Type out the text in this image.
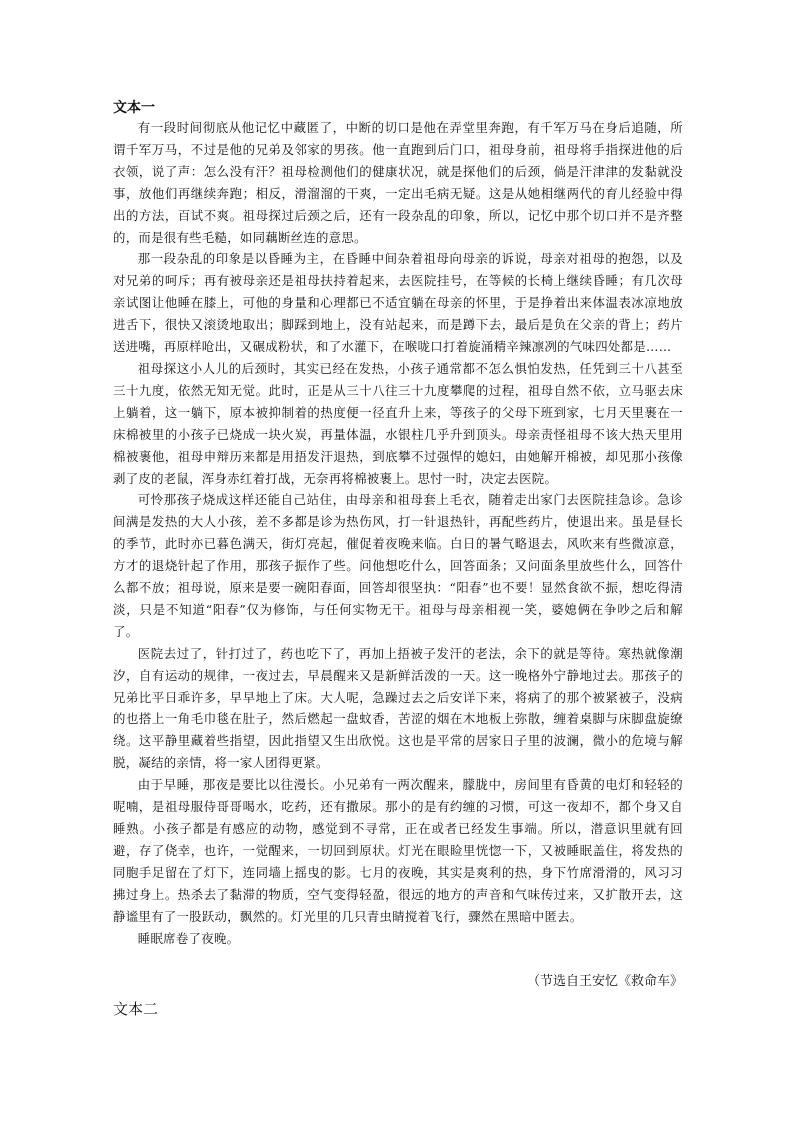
文本一

有一段时间彻底从他记忆中藏匿了，中断的切口是他在弄堂里奔跑，有千军万马在身后追随，所谓千军万马，不过是他的兄弟及邻家的男孩。他一直跑到后门口，祖母身前，祖母将手指探进他的后衣领，说了声：怎么没有汗？祖母检测他们的健康状况，就是探他们的后颈，倘是汗津津的发黏就没事，放他们再继续奔跑；相反，滑溜溜的干爽，一定出毛病无疑。这是从她相继两代的育儿经验中得出的方法，百试不爽。祖母探过后颈之后，还有一段杂乱的印象，所以，记忆中那个切口并不是齐整的，而是很有些毛糙，如同藕断丝连的意思。

那一段杂乱的印象是以昏睡为主，在昏睡中间杂着祖母向母亲的诉说，母亲对祖母的抱怨，以及对兄弟的呵斥；再有被母亲还是祖母扶持着起来，去医院挂号，在等候的长椅上继续昏睡；有几次母亲试图让他睡在膝上，可他的身量和心理都已不适宜躺在母亲的怀里，于是挣着出来体温表冰凉地放进舌下，很快又滚烫地取出；脚踩到地上，没有站起来，而是蹲下去，最后是负在父亲的背上；药片送进嘴，再原样呛出，又碾成粉状，和了水灌下，在喉咙口打着旋涌精辛辣凛冽的气味四处都是……

祖母探这小人儿的后颈时，其实已经在发热，小孩子通常都不怎么惧怕发热，任凭到三十八甚至三十九度，依然无知无觉。此时，正是从三十八往三十九度攀爬的过程，祖母自然不依，立马驱去床上躺着，这一躺下，原本被抑制着的热度便一径直升上来，等孩子的父母下班到家，七月天里裹在一床棉被里的小孩子已烧成一块火炭，再量体温，水银柱几乎升到顶头。母亲责怪祖母不该大热天里用棉被裹他，祖母申辩历来都是用捂发汗退热，到底攀不过强悍的媳妇，由她解开棉被，却见那小孩像剥了皮的老鼠，浑身赤红着打战，无奈再将棉被裹上。思忖一时，决定去医院。

可怜那孩子烧成这样还能自己站住，由母亲和祖母套上毛衣，随着走出家门去医院挂急诊。急诊间满是发热的大人小孩，差不多都是诊为热伤风，打一针退热针，再配些药片，使退出来。虽是昼长的季节，此时亦已暮色满天，街灯亮起，催促着夜晚来临。白日的暑气略退去，风吹来有些微凉意，方才的退烧针起了作用，那孩子振作了些。问他想吃什么，回答面条；又问面条里放些什么，回答什么都不放；祖母说，原来是要一碗阳春面，回答却很坚执：“阳春”也不要！显然食欲不振，想吃得清淡，只是不知道“阳春”仅为修饰，与任何实物无干。祖母与母亲相视一笑，婆媳俩在争吵之后和解了。

医院去过了，针打过了，药也吃下了，再加上捂被子发汗的老法，余下的就是等待。寒热就像潮汐，自有运动的规律，一夜过去，早晨醒来又是新鲜活泼的一天。这一晚格外宁静地过去。那孩子的兄弟比平日乖许多，早早地上了床。大人呢，急躁过去之后安详下来，将病了的那个被紧被子，没病的也搭上一角毛巾毯在肚子，然后燃起一盘蚊香，苦涩的烟在木地板上弥散，缠着桌脚与床脚盘旋缭绕。这平静里藏着些指望，因此指望又生出欣悦。这也是平常的居家日子里的波澜，微小的危境与解脱，凝结的亲情，将一家人团得更紧。

由于早睡，那夜是要比以往漫长。小兄弟有一两次醒来，朦胧中，房间里有昏黄的电灯和轻轻的呢喃，是祖母服侍哥哥喝水，吃药，还有撒尿。那小的是有约缠的习惯，可这一夜却不，都个身又自睡熟。小孩子都是有感应的动物，感觉到不寻常，正在或者已经发生事端。所以，潜意识里就有回避，存了侥幸，也许，一觉醒来，一切回到原状。灯光在眼睑里恍惚一下，又被睡眠盖住，将发热的同胞手足留在了灯下，连同墙上摇曳的影。七月的夜晚，其实是爽利的热，身下竹席滑滑的，风习习拂过身上。热杀去了黏滞的物质，空气变得轻盈，很远的地方的声音和气味传过来，又扩散开去，这静谧里有了一股跃动，飘然的。灯光里的几只青虫睛搅着飞行，骤然在黑暗中匿去。

睡眠席卷了夜晚。

（节选自王安忆《救命车》
文本二
